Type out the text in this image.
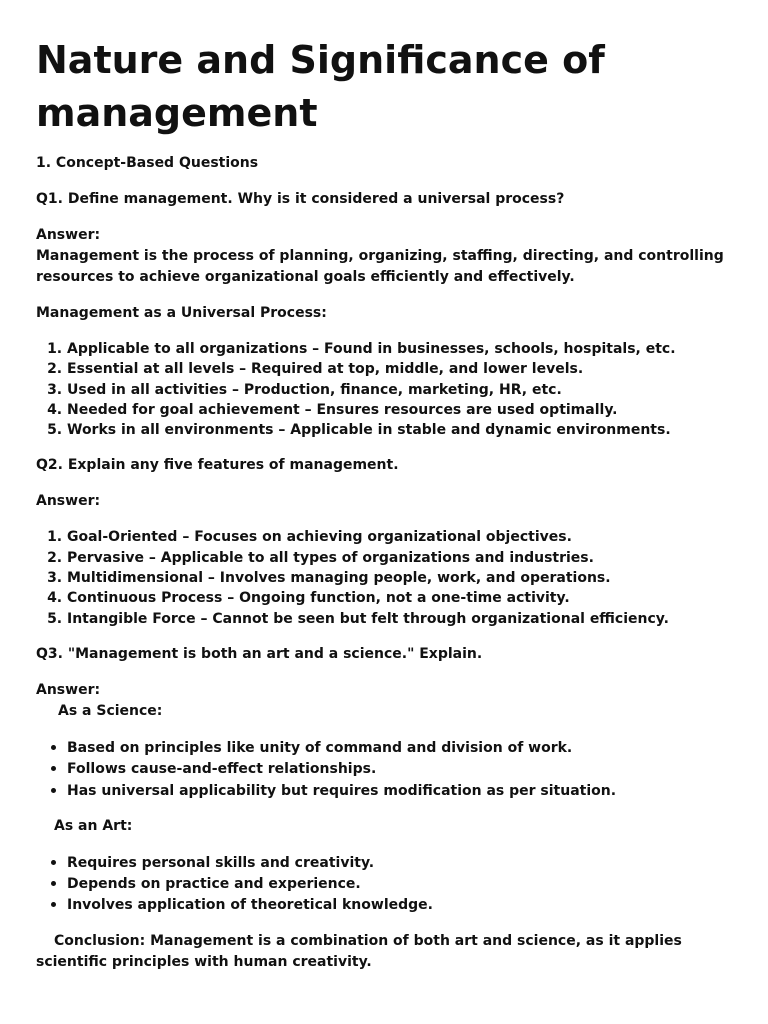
Nature and Significance of management
1. Concept-Based Questions
Q1. Define management. Why is it considered a universal process?
Answer:
Management is the process of planning, organizing, staffing, directing, and controlling resources to achieve organizational goals efficiently and effectively.
Management as a Universal Process:
1. Applicable to all organizations – Found in businesses, schools, hospitals, etc.
2. Essential at all levels – Required at top, middle, and lower levels.
3. Used in all activities – Production, finance, marketing, HR, etc.
4. Needed for goal achievement – Ensures resources are used optimally.
5. Works in all environments – Applicable in stable and dynamic environments.
Q2. Explain any five features of management.
Answer:
1. Goal-Oriented – Focuses on achieving organizational objectives.
2. Pervasive – Applicable to all types of organizations and industries.
3. Multidimensional – Involves managing people, work, and operations.
4. Continuous Process – Ongoing function, not a one-time activity.
5. Intangible Force – Cannot be seen but felt through organizational efficiency.
Q3. "Management is both an art and a science." Explain.
Answer:
As a Science:
• Based on principles like unity of command and division of work.
• Follows cause-and-effect relationships.
• Has universal applicability but requires modification as per situation.
As an Art:
• Requires personal skills and creativity.
• Depends on practice and experience.
• Involves application of theoretical knowledge.
Conclusion: Management is a combination of both art and science, as it applies scientific principles with human creativity.
